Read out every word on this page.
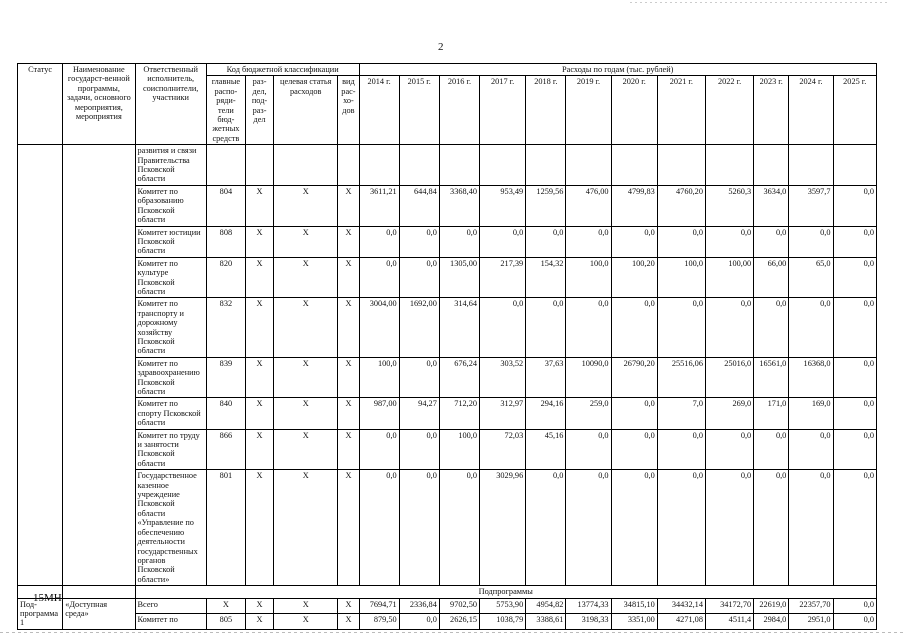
2
Статус	Наименование государст-венной программы, задачи, основного мероприятия, мероприятия	Ответственный исполнитель, соисполнители, участники	Код бюджетной классификации				Расходы по годам (тыс. рублей)											
			главные распо-ряди-тели бюд-жетных средств	раз-дел, под-раз-дел	целевая статья расходов	вид рас-хо-дов	2014 г.	2015 г.	2016 г.	2017 г.	2018 г.	2019 г.	2020 г.	2021 г.	2022 г.	2023 г.	2024 г.	2025 г.
		развития и связи Правительства Псковской области																
		Комитет по образованию Псковской области	804	X	X	X	3611,21	644,84	3368,40	953,49	1259,56	476,00	4799,83	4760,20	5260,3	3634,0	3597,7	0,0
		Комитет юстиции Псковской области	808	X	X	X	0,0	0,0	0,0	0,0	0,0	0,0	0,0	0,0	0,0	0,0	0,0	0,0
		Комитет по культуре Псковской области	820	X	X	X	0,0	0,0	1305,00	217,39	154,32	100,0	100,20	100,0	100,00	66,00	65,0	0,0
		Комитет по транспорту и дорожному хозяйству Псковской области	832	X	X	X	3004,00	1692,00	314,64	0,0	0,0	0,0	0,0	0,0	0,0	0,0	0,0	0,0
		Комитет по здравоохранению Псковской области	839	X	X	X	100,0	0,0	676,24	303,52	37,63	10090,0	26790,20	25516,06	25016,0	16561,0	16368,0	0,0
		Комитет по спорту Псковской области	840	X	X	X	987,00	94,27	712,20	312,97	294,16	259,0	0,0	7,0	269,0	171,0	169,0	0,0
		Комитет по труду и занятости Псковской области	866	X	X	X	0,0	0,0	100,0	72,03	45,16	0,0	0,0	0,0	0,0	0,0	0,0	0,0
		Государственное казенное учреждение Псковской области «Управление по обеспечению деятельности государственных органов Псковской области»	801	X	X	X	0,0	0,0	0,0	3029,96	0,0	0,0	0,0	0,0	0,0	0,0	0,0	0,0
		Подпрограммы																
Под-программа 1	«Доступная среда»	Всего	X	X	X	X	7694,71	2336,84	9702,50	5753,90	4954,82	13774,33	34815,10	34432,14	34172,70	22619,0	22357,70	0,0
		Комитет по	805	X	X	X	879,50	0,0	2626,15	1038,79	3388,61	3198,33	3351,00	4271,08	4511,4	2984,0	2951,0	0,0
15МН
